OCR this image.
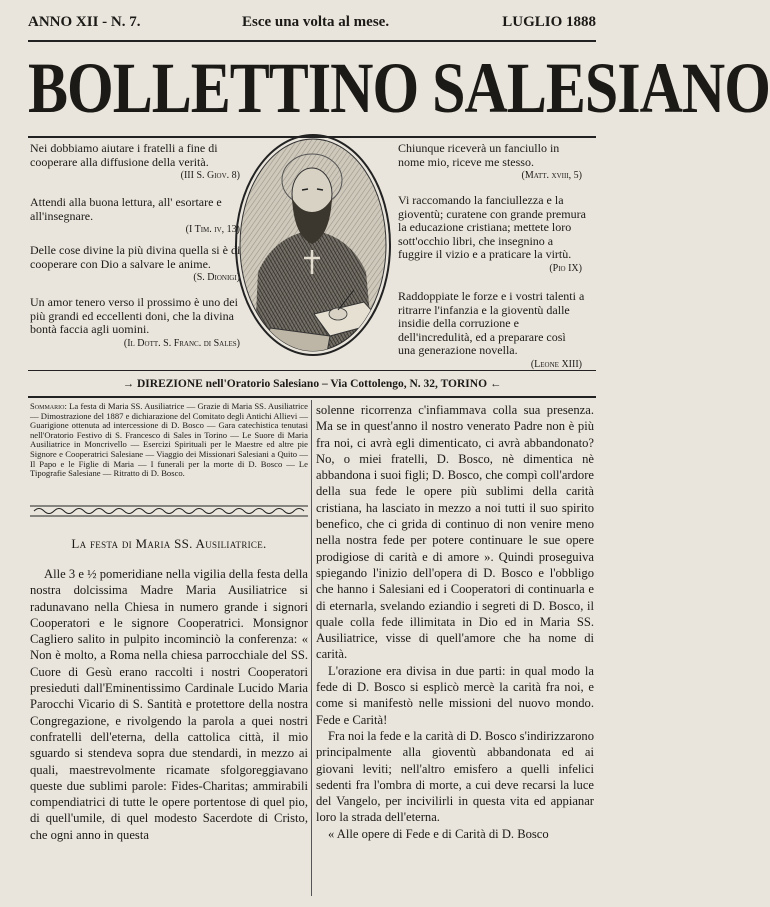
ANNO XII - N. 7.	Esce una volta al mese.	LUGLIO 1888
BOLLETTINO SALESIANO
Nei dobbiamo aiutare i fratelli a fine di cooperare alla diffusione della verità.
(III S. Giov. 8)
Attendi alla buona lettura, all' esortare e all'insegnare.
(I Tim. iv, 13)
Delle cose divine la più divina quella si è di cooperare con Dio a salvare le anime.
(S. Dionigi)
Un amor tenero verso il prossimo è uno dei più grandi ed eccellenti doni, che la divina bontà faccia agli uomini.
(Il Dott. S. Franc. di Sales)
Chiunque riceverà un fanciullo in nome mio, riceve me stesso.
(Matt. xviii, 5)
Vi raccomando la fanciullezza e la gioventù; curatene con grande premura la educazione cristiana; mettete loro sott'occhio libri, che insegnino a fuggire il vizio e a praticare la virtù.
(Pio IX)
Raddoppiate le forze e i vostri talenti a ritrarre l'infanzia e la gioventù dalle insidie della corruzione e dell'incredulità, ed a preparare così una generazione novella.
(Leone XIII)
→ DIREZIONE nell'Oratorio Salesiano – Via Cottolengo, N. 32, TORINO ←
Sommario: La festa di Maria SS. Ausiliatrice — Grazie di Maria SS. Ausiliatrice — Dimostrazione del 1887 e dichiarazione del Comitato degli Antichi Allievi — Guarigione ottenuta ad intercessione di D. Bosco — Gara catechistica tenutasi nell'Oratorio Festivo di S. Francesco di Sales in Torino — Le Suore di Maria Ausiliatrice in Moncrivello — Esercizi Spirituali per le Maestre ed altre pie Signore e Cooperatrici Salesiane — Viaggio dei Missionari Salesiani a Quito — Il Papo e le Figlie di Maria — I funerali per la morte di D. Bosco — Le Tipografie Salesiane — Ritratto di D. Bosco.
La festa di Maria SS. Ausiliatrice.
Alle 3 e ½ pomeridiane nella vigilia della festa della nostra dolcissima Madre Maria Ausiliatrice si radunavano nella Chiesa in numero grande i signori Cooperatori e le signore Cooperatrici. Monsignor Cagliero salito in pulpito incominciò la conferenza: « Non è molto, a Roma nella chiesa parrocchiale del SS. Cuore di Gesù erano raccolti i nostri Cooperatori presieduti dall'Eminentissimo Cardinale Lucido Maria Parocchi Vicario di S. Santità e protettore della nostra Congregazione, e rivolgendo la parola a quei nostri confratelli dell'eterna, della cattolica città, il mio sguardo si stendeva sopra due stendardi, in mezzo ai quali, maestrevolmente ricamate sfolgoreggiavano queste due sublimi parole: Fides-Charitas; ammirabili compendiatrici di tutte le opere portentose di quel pio, di quell'umile, di quel modesto Sacerdote di Cristo, che ogni anno in questa

solenne ricorrenza c'infiammava colla sua presenza. Ma se in quest'anno il nostro venerato Padre non è più fra noi, ci avrà egli dimenticato, ci avrà abbandonato? No, o miei fratelli, D. Bosco, nè dimentica nè abbandona i suoi figli; D. Bosco, che compì coll'ardore della sua fede le opere più sublimi della carità cristiana, ha lasciato in mezzo a noi tutti il suo spirito benefico, che ci grida di continuo di non venire meno nella nostra fede per potere continuare le sue opere prodigiose di carità e di amore ». Quindi proseguiva spiegando l'inizio dell'opera di D. Bosco e l'obbligo che hanno i Salesiani ed i Cooperatori di continuarla e di eternarla, svelando eziandio i segreti di D. Bosco, il quale colla fede illimitata in Dio ed in Maria SS. Ausiliatrice, visse di quell'amore che ha nome di carità.

L'orazione era divisa in due parti: in qual modo la fede di D. Bosco si esplicò mercè la carità fra noi, e come si manifestò nelle missioni del nuovo mondo. Fede e Carità!

Fra noi la fede e la carità di D. Bosco s'indirizzarono principalmente alla gioventù abbandonata ed ai giovani leviti; nell'altro emisfero a quelli infelici sedenti fra l'ombra di morte, a cui deve recarsi la luce del Vangelo, per incivilirli in questa vita ed appianar loro la strada dell'eterna.

« Alle opere di Fede e di Carità di D. Bosco
